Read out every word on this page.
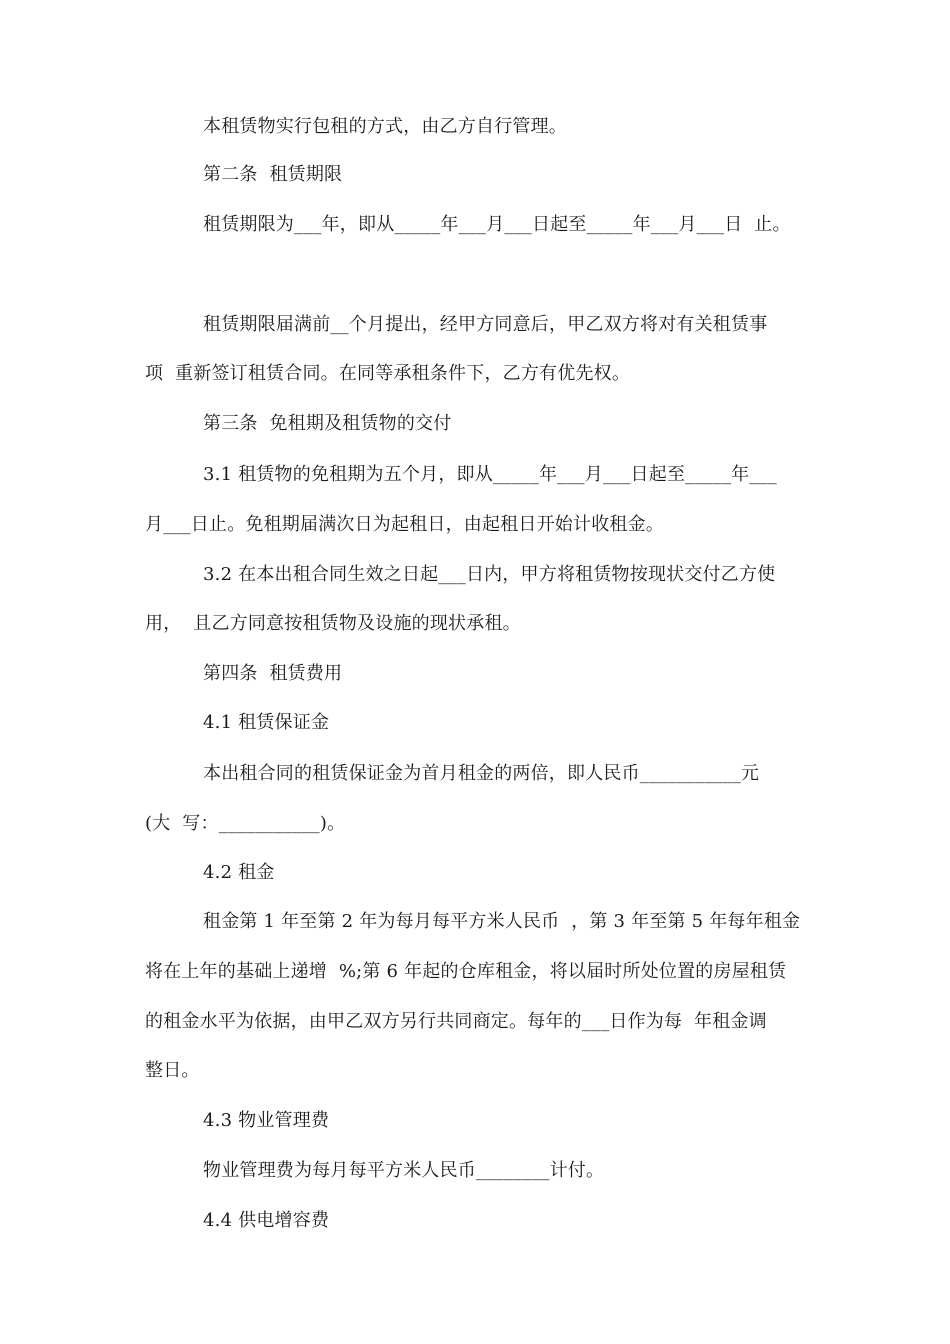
本租赁物实行包租的方式，由乙方自行管理。

第二条  租赁期限

租赁期限为___年，即从_____年___月___日起至_____年___月___日  止。

租赁期限届满前__个月提出，经甲方同意后，甲乙双方将对有关租赁事

项  重新签订租赁合同。在同等承租条件下，乙方有优先权。

第三条  免租期及租赁物的交付

3.1 租赁物的免租期为五个月，即从_____年___月___日起至_____年___

月___日止。免租期届满次日为起租日，由起租日开始计收租金。

3.2 在本出租合同生效之日起___日内，甲方将租赁物按现状交付乙方使

用，  且乙方同意按租赁物及设施的现状承租。

第四条  租赁费用

4.1 租赁保证金

本出租合同的租赁保证金为首月租金的两倍，即人民币___________元

(大  写：___________)。

4.2 租金

租金第 1 年至第 2 年为每月每平方米人民币  ，第 3 年至第 5 年每年租金

将在上年的基础上递增  %;第 6 年起的仓库租金，将以届时所处位置的房屋租赁

的租金水平为依据，由甲乙双方另行共同商定。每年的___日作为每  年租金调

整日。

4.3 物业管理费

物业管理费为每月每平方米人民币________计付。

4.4 供电增容费
